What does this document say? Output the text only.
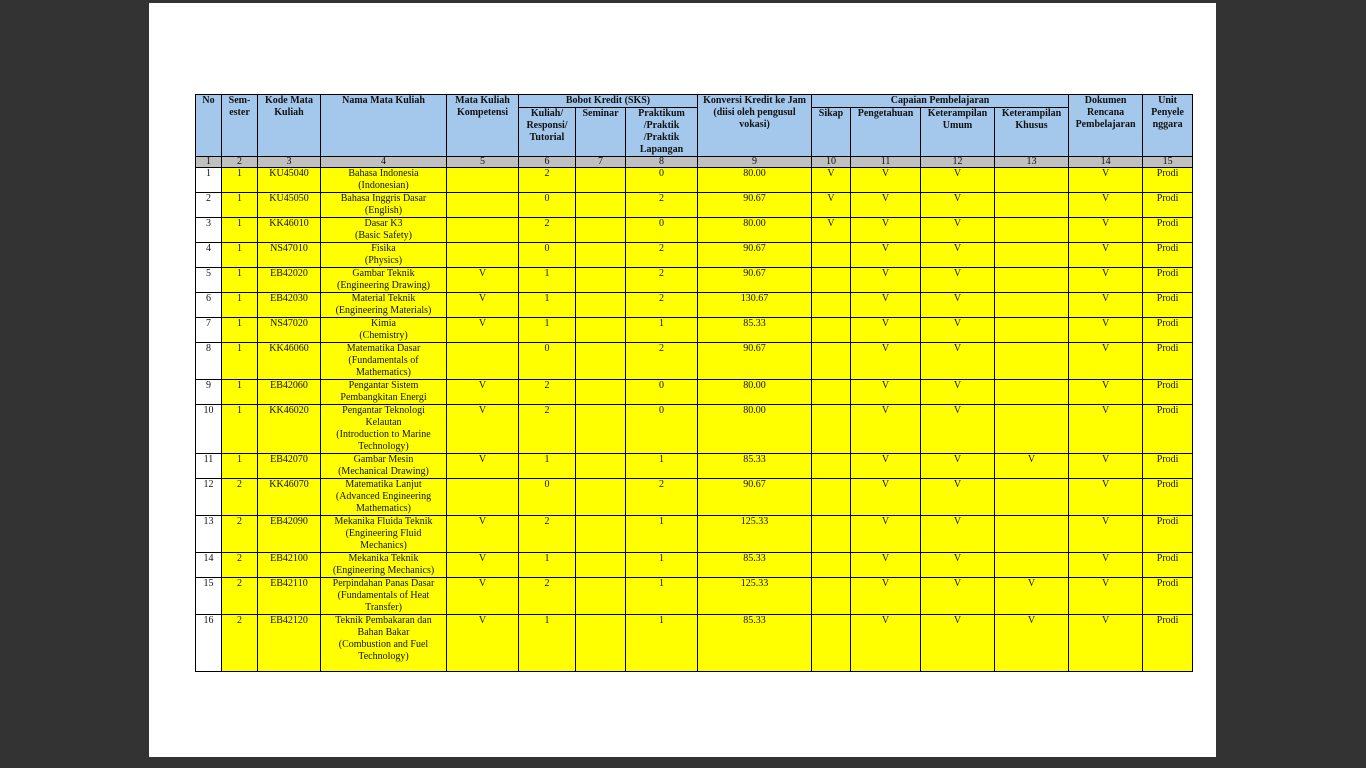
No	Sem-
ester	Kode Mata Kuliah	Nama Mata Kuliah	Mata Kuliah Kompetensi	Bobot Kredit (SKS)			Konversi Kredit ke Jam (diisi oleh pengusul vokasi)	Capaian Pembelajaran				Dokumen Rencana Pembelajaran	Unit Penyele nggara
					Kuliah/ Responsi/ Tutorial	Seminar	Praktikum /Praktik /Praktik Lapangan		Sikap	Pengetahuan	Keterampilan Umum	Keterampilan Khusus		
1	2	3	4	5	6	7	8	9	10	11	12	13	14	15
1	1	KU45040	Bahasa Indonesia
(Indonesian)		2		0	80.00	V	V	V		V	Prodi
2	1	KU45050	Bahasa Inggris Dasar
(English)		0		2	90.67	V	V	V		V	Prodi
3	1	KK46010	Dasar K3
(Basic Safety)		2		0	80.00	V	V	V		V	Prodi
4	1	NS47010	Fisika
(Physics)		0		2	90.67		V	V		V	Prodi
5	1	EB42020	Gambar Teknik
(Engineering Drawing)	V	1		2	90.67		V	V		V	Prodi
6	1	EB42030	Material Teknik
(Engineering Materials)	V	1		2	130.67		V	V		V	Prodi
7	1	NS47020	Kimia
(Chemistry)	V	1		1	85.33		V	V		V	Prodi
8	1	KK46060	Matematika Dasar
(Fundamentals of
Mathematics)		0		2	90.67		V	V		V	Prodi
9	1	EB42060	Pengantar Sistem
Pembangkitan Energi	V	2		0	80.00		V	V		V	Prodi
10	1	KK46020	Pengantar Teknologi
Kelautan
(Introduction to Marine
Technology)	V	2		0	80.00		V	V		V	Prodi
11	1	EB42070	Gambar Mesin
(Mechanical Drawing)	V	1		1	85.33		V	V	V	V	Prodi
12	2	KK46070	Matematika Lanjut
(Advanced Engineering
Mathematics)		0		2	90.67		V	V		V	Prodi
13	2	EB42090	Mekanika Fluida Teknik
(Engineering Fluid
Mechanics)	V	2		1	125.33		V	V		V	Prodi
14	2	EB42100	Mekanika Teknik
(Engineering Mechanics)	V	1		1	85.33		V	V		V	Prodi
15	2	EB42110	Perpindahan Panas Dasar
(Fundamentals of Heat
Transfer)	V	2		1	125.33		V	V	V	V	Prodi
16	2	EB42120	Teknik Pembakaran dan
Bahan Bakar
(Combustion and Fuel
Technology)	V	1		1	85.33		V	V	V	V	Prodi
